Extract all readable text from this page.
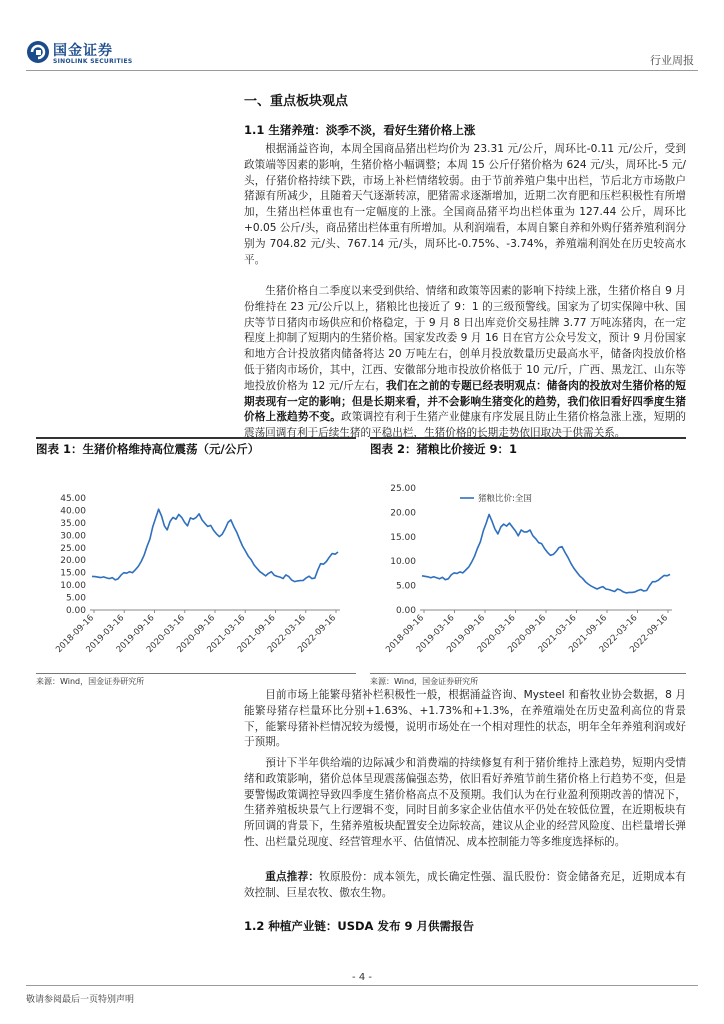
国金证券
SINOLINK SECURITIES	行业周报
一、重点板块观点
1.1 生猪养殖：淡季不淡，看好生猪价格上涨
根据涌益咨询，本周全国商品猪出栏均价为 23.31 元/公斤，周环比-0.11 元/公斤，受到政策端等因素的影响，生猪价格小幅调整；本周 15 公斤仔猪价格为 624 元/头，周环比-5 元/头，仔猪价格持续下跌，市场上补栏情绪较弱。由于节前养殖户集中出栏，节后北方市场散户猪源有所减少，且随着天气逐渐转凉，肥猪需求逐渐增加，近期二次育肥和压栏积极性有所增加，生猪出栏体重也有一定幅度的上涨。全国商品猪平均出栏体重为 127.44 公斤，周环比 +0.05 公斤/头，商品猪出栏体重有所增加。从利润端看，本周自繁自养和外购仔猪养殖利润分别为 704.82 元/头、767.14 元/头，周环比-0.75%、-3.74%，养殖端利润处在历史较高水平。
生猪价格自二季度以来受到供给、情绪和政策等因素的影响下持续上涨，生猪价格自 9 月份维持在 23 元/公斤以上，猪粮比也接近了 9：1 的三级预警线。国家为了切实保障中秋、国庆等节日猪肉市场供应和价格稳定，于 9 月 8 日出库竞价交易挂牌 3.77 万吨冻猪肉，在一定程度上抑制了短期内的生猪价格。国家发改委 9 月 16 日在官方公众号发文，预计 9 月份国家和地方合计投放猪肉储备将达 20 万吨左右，创单月投放数量历史最高水平，储备肉投放价格低于猪肉市场价，其中，江西、安徽部分地市投放价格低于 10 元/斤，广西、黑龙江、山东等地投放价格为 12 元/斤左右，我们在之前的专题已经表明观点：储备肉的投放对生猪价格的短期表现有一定的影响；但是长期来看，并不会影响生猪变化的趋势，我们依旧看好四季度生猪价格上涨趋势不变。政策调控有利于生猪产业健康有序发展且防止生猪价格急涨上涨，短期的震荡回调有利于后续生猪的平稳出栏，生猪价格的长期走势依旧取决于供需关系。
图表 1：生猪价格维持高位震荡（元/公斤）
0.00
5.00
10.00
15.00
20.00
25.00
30.00
35.00
40.00
45.00
2018-09-16
2019-03-16
2019-09-16
2020-03-16
2020-09-16
2021-03-16
2021-09-16
2022-03-16
2022-09-16
来源：Wind，国金证券研究所
图表 2：猪粮比价接近 9：1
0.00
5.00
10.00
15.00
20.00
25.00
2018-09-16
2019-03-16
2019-09-16
2020-03-16
2020-09-16
2021-03-16
2021-09-16
2022-03-16
2022-09-16
猪粮比价:全国
来源：Wind，国金证券研究所
目前市场上能繁母猪补栏积极性一般，根据涌益咨询、Mysteel 和畜牧业协会数据，8 月能繁母猪存栏量环比分别+1.63%、+1.73%和+1.3%，在养殖端处在历史盈利高位的背景下，能繁母猪补栏情况较为缓慢，说明市场处在一个相对理性的状态，明年全年养殖利润或好于预期。
預计下半年供给端的边际减少和消费端的持续修复有利于猪价维持上涨趋势，短期内受情绪和政策影响，猪价总体呈现震荡偏强态势，依旧看好养殖节前生猪价格上行趋势不变，但是要警惕政策调控导致四季度生猪价格高点不及预期。我们认为在行业盈利预期改善的情况下，生猪养殖板块景气上行逻辑不变，同时目前多家企业估值水平仍处在较低位置，在近期板块有所回调的背景下，生猪养殖板块配置安全边际较高，建议从企业的经营风险度、出栏量增长弹性、出栏量兑现度、经营管理水平、估值情况、成本控制能力等多维度选择标的。
重点推荐：牧原股份：成本领先，成长确定性强、温氏股份：资金储备充足，近期成本有效控制、巨星农牧、傲农生物。
1.2 种植产业链：USDA 发布 9 月供需报告
- 4 -
敬请参阅最后一页特别声明
